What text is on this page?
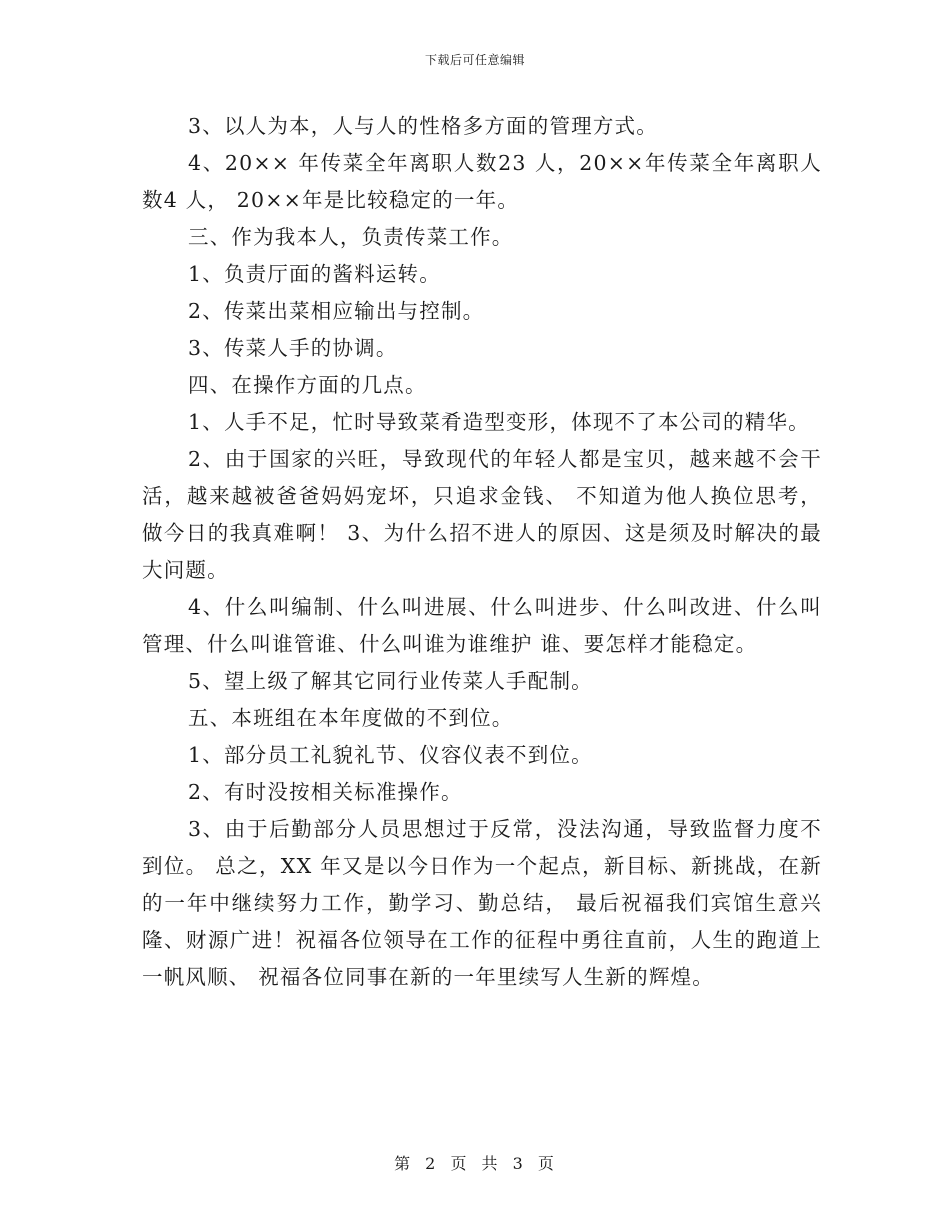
下载后可任意编辑

3、以人为本，人与人的性格多方面的管理方式。

4、20×× 年传菜全年离职人数23 人，20××年传菜全年离职人数4 人， 20××年是比较稳定的一年。

三、作为我本人，负责传菜工作。

1、负责厅面的酱料运转。

2、传菜出菜相应输出与控制。

3、传菜人手的协调。

四、在操作方面的几点。

1、人手不足，忙时导致菜肴造型变形，体现不了本公司的精华。

2、由于国家的兴旺，导致现代的年轻人都是宝贝，越来越不会干活，越来越被爸爸妈妈宠坏，只追求金钱、 不知道为他人换位思考，做今日的我真难啊！ 3、为什么招不进人的原因、这是须及时解决的最大问题。

4、什么叫编制、什么叫进展、什么叫进步、什么叫改进、什么叫管理、什么叫谁管谁、什么叫谁为谁维护 谁、要怎样才能稳定。

5、望上级了解其它同行业传菜人手配制。

五、本班组在本年度做的不到位。

1、部分员工礼貌礼节、仪容仪表不到位。

2、有时没按相关标准操作。

3、由于后勤部分人员思想过于反常，没法沟通，导致监督力度不到位。 总之，XX 年又是以今日作为一个起点，新目标、新挑战，在新的一年中继续努力工作，勤学习、勤总结， 最后祝福我们宾馆生意兴隆、财源广进！祝福各位领导在工作的征程中勇往直前，人生的跑道上一帆风顺、 祝福各位同事在新的一年里续写人生新的辉煌。

第 2 页 共 3 页
